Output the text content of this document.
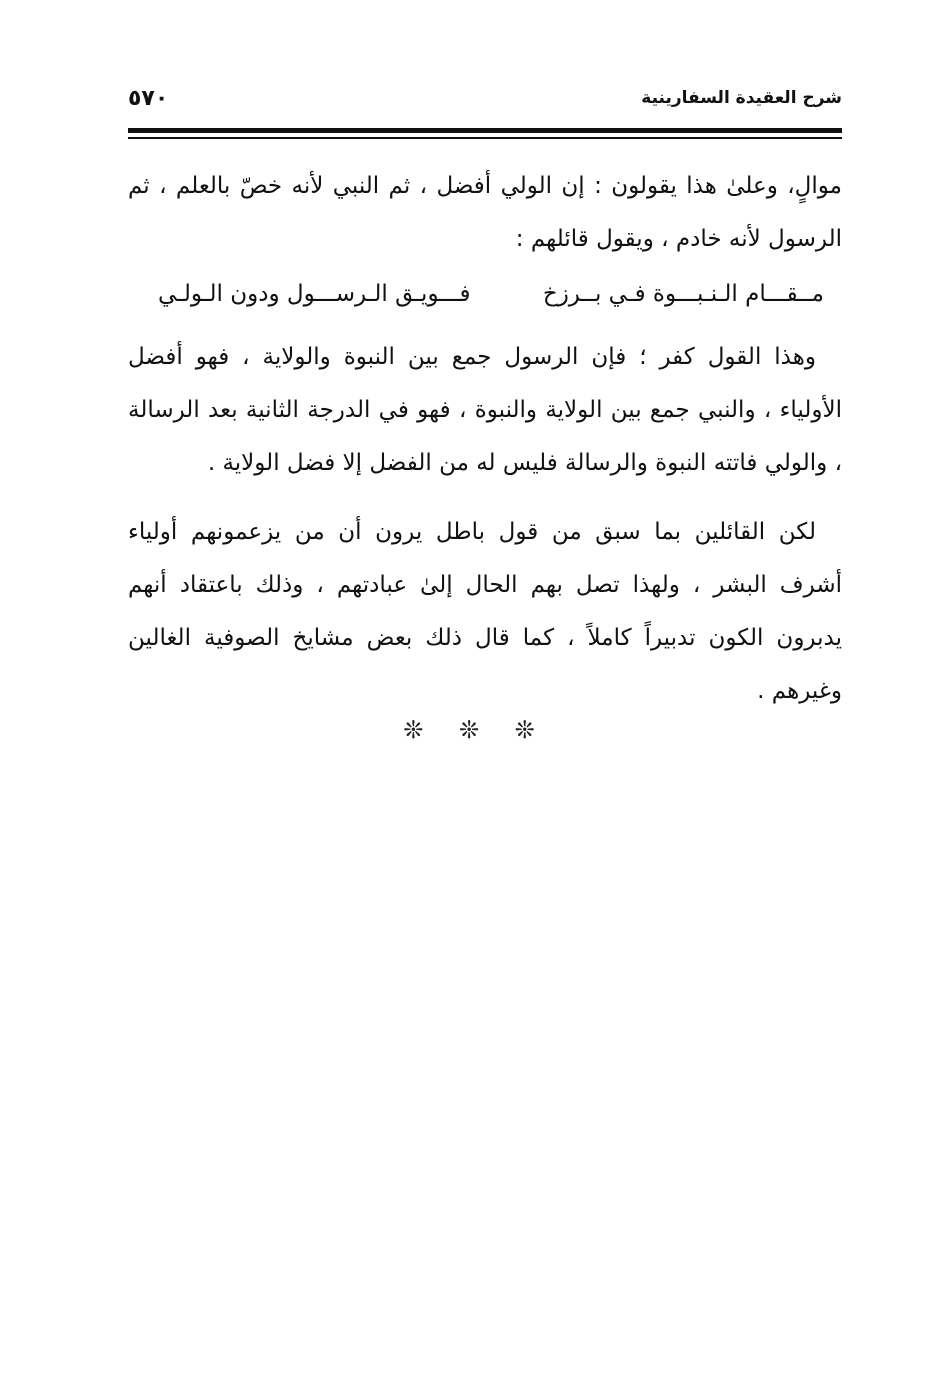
شرح العقيدة السفارينية
٥٧٠

موالٍ، وعلىٰ هذا يقولون : إن الولي أفضل ، ثم النبي لأنه خصّ بالعلم ، ثم الرسول لأنه خادم ، ويقول قائلهم :

مــقـــام الـنـبـــوة فـي بــرزخ
فـــويـق الـرســـول ودون الـولـي

وهذا القول كفر ؛ فإن الرسول جمع بين النبوة والولاية ، فهو أفضل الأولياء ، والنبي جمع بين الولاية والنبوة ، فهو في الدرجة الثانية بعد الرسالة ، والولي فاتته النبوة والرسالة فليس له من الفضل إلا فضل الولاية .

لكن القائلين بما سبق من قول باطل يرون أن من يزعمونهم أولياء أشرف البشر ، ولهذا تصل بهم الحال إلىٰ عبادتهم ، وذلك باعتقاد أنهم يدبرون الكون تدبيراً كاملاً ، كما قال ذلك بعض مشايخ الصوفية الغالين وغيرهم .

❊ ❊ ❊
